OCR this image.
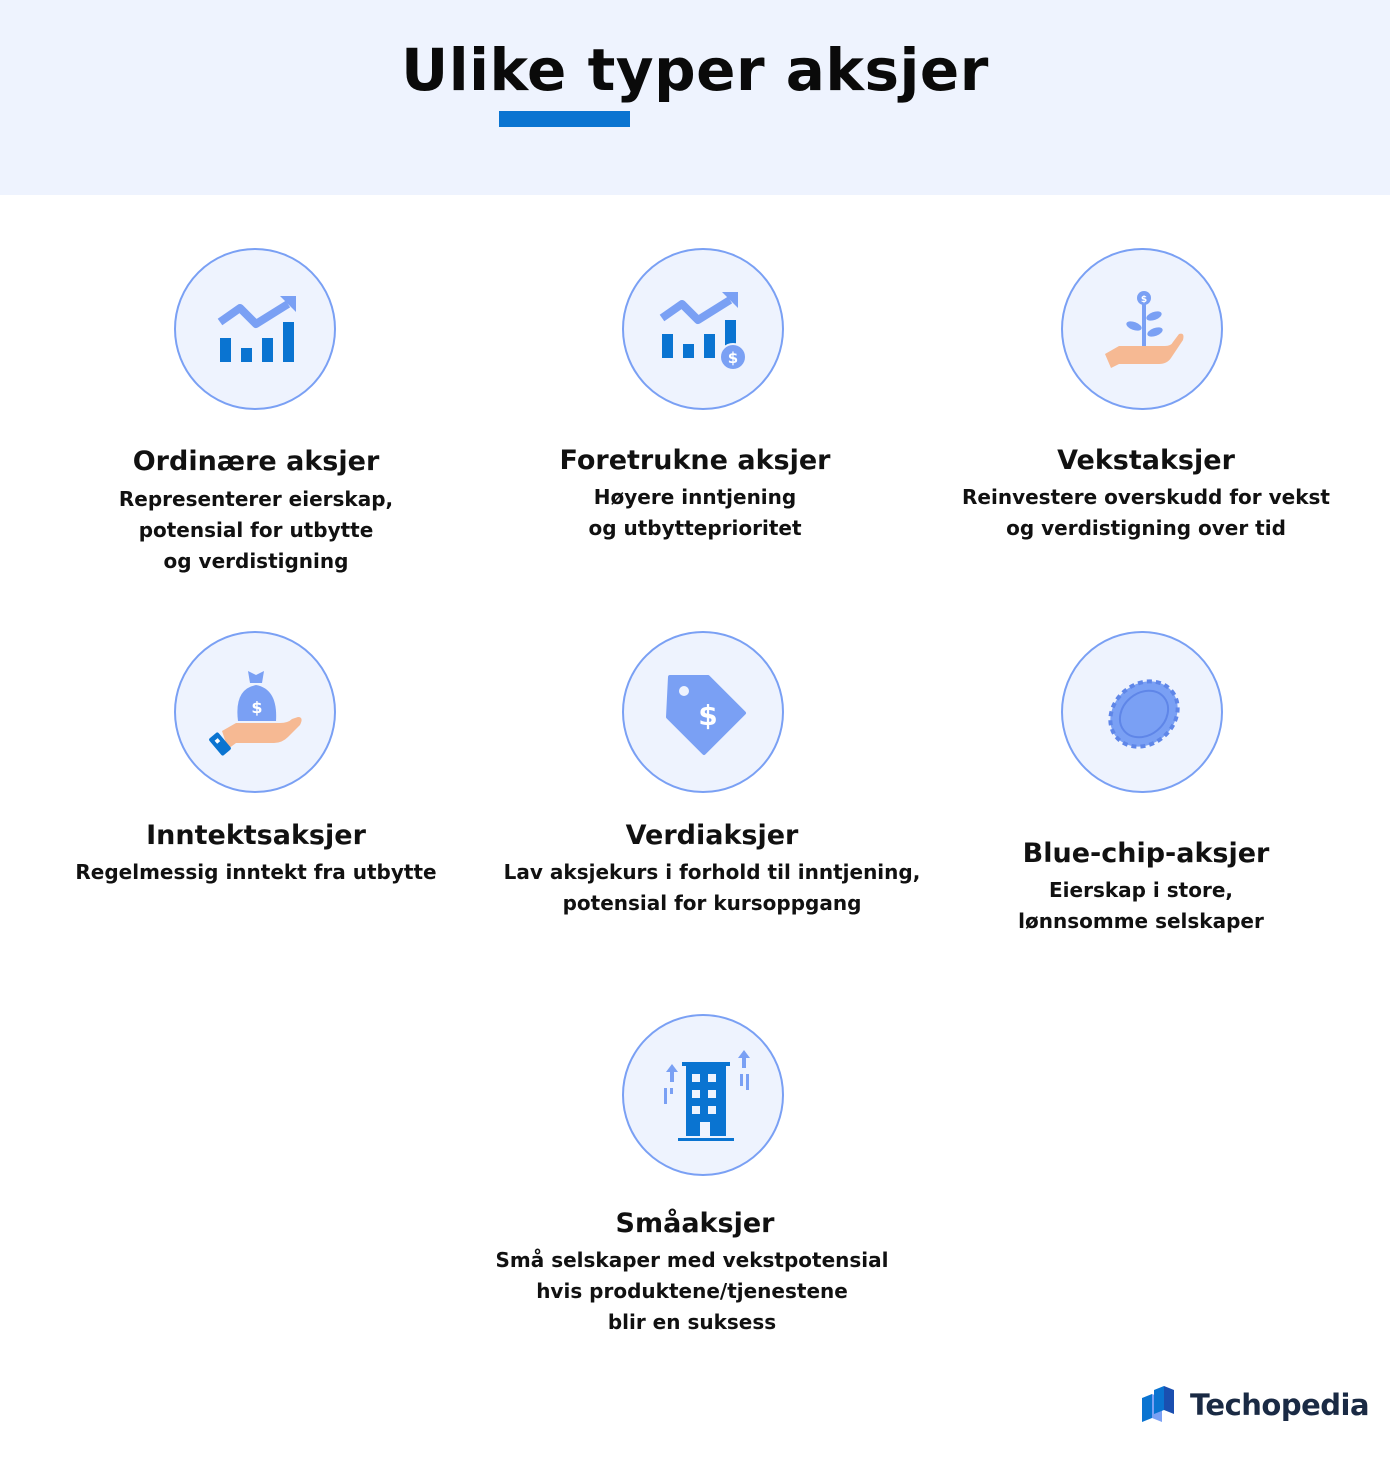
Ulike typer aksjer
Ordinære aksjer
Representerer eierskap,
potensial for utbytte
og verdistigning
$
Foretrukne aksjer
Høyere inntjening
og utbytteprioritet
$
Vekstaksjer
Reinvestere overskudd for vekst
og verdistigning over tid
$
Inntektsaksjer
Regelmessig inntekt fra utbytte
$
Verdiaksjer
Lav aksjekurs i forhold til inntjening,
potensial for kursoppgang
Blue-chip-aksjer
Eierskap i store,
lønnsomme selskaper
Småaksjer
Små selskaper med vekstpotensial
hvis produktene/tjenestene
blir en suksess
Techopedia
